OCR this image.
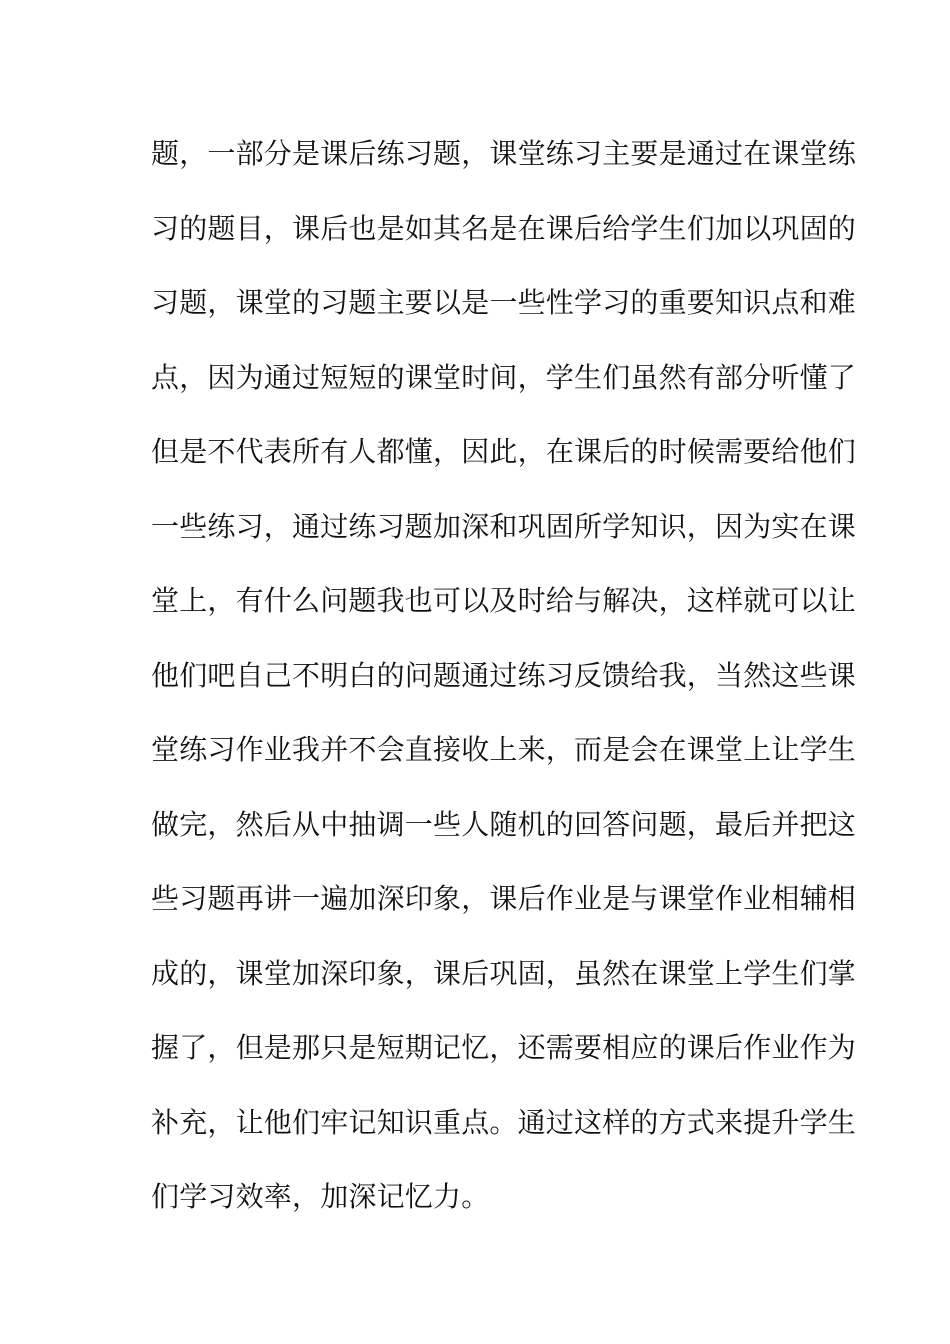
题，一部分是课后练习题，课堂练习主要是通过在课堂练
习的题目，课后也是如其名是在课后给学生们加以巩固的
习题，课堂的习题主要以是一些性学习的重要知识点和难
点，因为通过短短的课堂时间，学生们虽然有部分听懂了
但是不代表所有人都懂，因此，在课后的时候需要给他们
一些练习，通过练习题加深和巩固所学知识，因为实在课
堂上，有什么问题我也可以及时给与解决，这样就可以让
他们吧自己不明白的问题通过练习反馈给我，当然这些课
堂练习作业我并不会直接收上来，而是会在课堂上让学生
做完，然后从中抽调一些人随机的回答问题，最后并把这
些习题再讲一遍加深印象，课后作业是与课堂作业相辅相
成的，课堂加深印象，课后巩固，虽然在课堂上学生们掌
握了，但是那只是短期记忆，还需要相应的课后作业作为
补充，让他们牢记知识重点。通过这样的方式来提升学生
们学习效率，加深记忆力。
